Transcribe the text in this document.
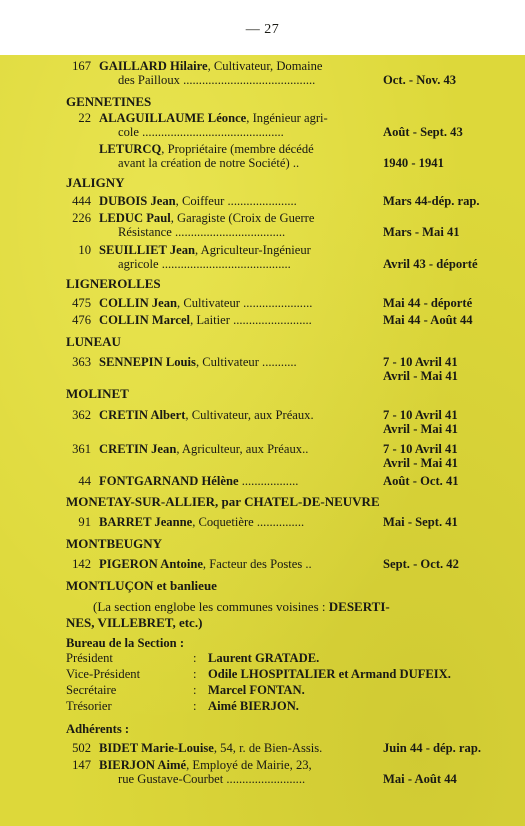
— 27
167 GAILLARD Hilaire, Cultivateur, Domaine
des Pailloux ..........................................	Oct. - Nov. 43
GENNETINES
22 ALAGUILLAUME Léonce, Ingénieur agri-
cole .............................................	Août - Sept. 43
LETURCQ, Propriétaire (membre décédé
avant la création de notre Société) ..	1940 - 1941
JALIGNY
444 DUBOIS Jean, Coiffeur ......................	Mars 44-dép. rap.
226 LEDUC Paul, Garagiste (Croix de Guerre
Résistance ...................................	Mars - Mai 41
10 SEUILLIET Jean, Agriculteur-Ingénieur
agricole .........................................	Avril 43 - déporté
LIGNEROLLES
475 COLLIN Jean, Cultivateur ......................	Mai 44 - déporté
476 COLLIN Marcel, Laitier .........................	Mai 44 - Août 44
LUNEAU
363 SENNEPIN Louis, Cultivateur ...........	7 - 10 Avril 41
Avril - Mai 41
MOLINET
362 CRETIN Albert, Cultivateur, aux Préaux.	7 - 10 Avril 41
Avril - Mai 41
361 CRETIN Jean, Agriculteur, aux Préaux..	7 - 10 Avril 41
Avril - Mai 41
44 FONTGARNAND Hélène ..................	Août - Oct. 41
MONETAY-SUR-ALLIER, par CHATEL-DE-NEUVRE
91 BARRET Jeanne, Coquetière ...............	Mai - Sept. 41
MONTBEUGNY
142 PIGERON Antoine, Facteur des Postes ..	Sept. - Oct. 42
MONTLUÇON et banlieue
(La section englobe les communes voisines : DESERTI-
NES, VILLEBRET, etc.)
Bureau de la Section :
Président	: Laurent GRATADE.
Vice-Président	: Odile LHOSPITALIER et Armand DUFEIX.
Secrétaire	: Marcel FONTAN.
Trésorier	: Aimé BIERJON.
Adhérents :
502 BIDET Marie-Louise, 54, r. de Bien-Assis.	Juin 44 - dép. rap.
147 BIERJON Aimé, Employé de Mairie, 23,
rue Gustave-Courbet .........................	Mai - Août 44
